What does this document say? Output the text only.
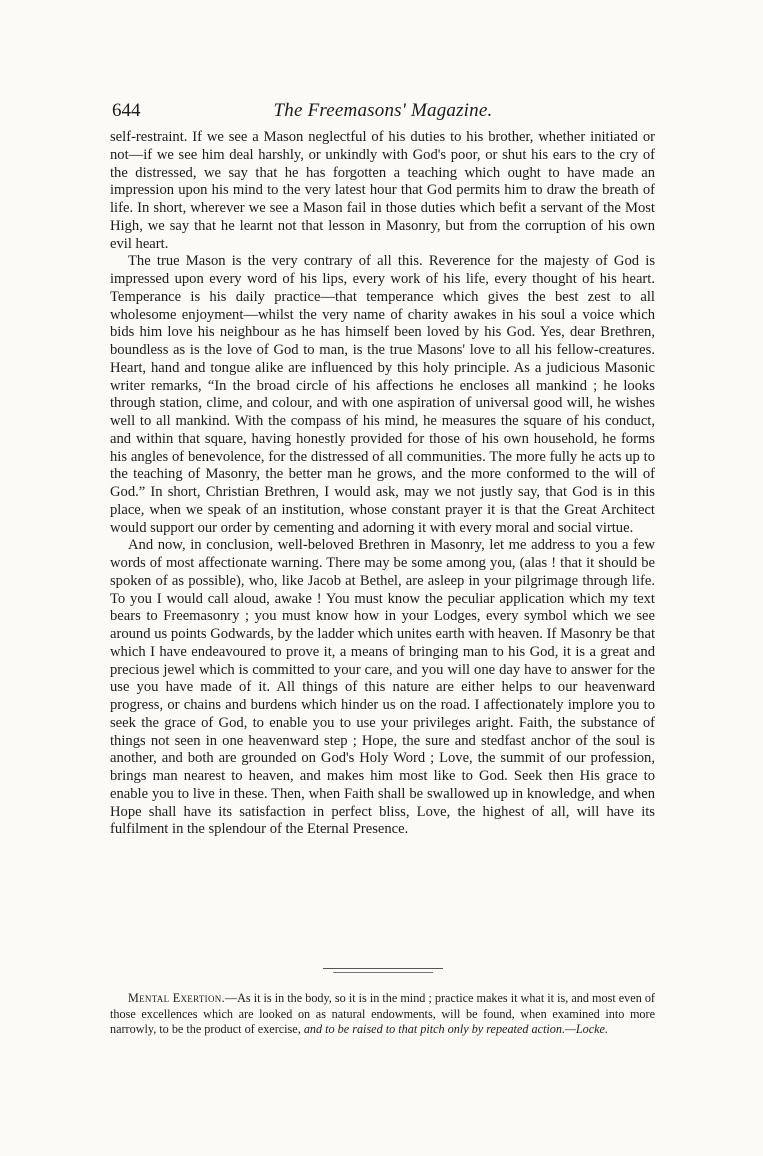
644	The Freemasons' Magazine.

self-restraint. If we see a Mason neglectful of his duties to his brother, whether initiated or not—if we see him deal harshly, or unkindly with God's poor, or shut his ears to the cry of the distressed, we say that he has forgotten a teaching which ought to have made an impression upon his mind to the very latest hour that God permits him to draw the breath of life. In short, wherever we see a Mason fail in those duties which befit a servant of the Most High, we say that he learnt not that lesson in Masonry, but from the corruption of his own evil heart.

The true Mason is the very contrary of all this. Reverence for the majesty of God is impressed upon every word of his lips, every work of his life, every thought of his heart. Temperance is his daily practice—that temperance which gives the best zest to all wholesome enjoyment—whilst the very name of charity awakes in his soul a voice which bids him love his neighbour as he has himself been loved by his God. Yes, dear Brethren, boundless as is the love of God to man, is the true Masons' love to all his fellow-creatures. Heart, hand and tongue alike are influenced by this holy principle. As a judicious Masonic writer remarks, “In the broad circle of his affections he encloses all mankind ; he looks through station, clime, and colour, and with one aspiration of universal good will, he wishes well to all mankind. With the compass of his mind, he measures the square of his conduct, and within that square, having honestly provided for those of his own household, he forms his angles of benevolence, for the distressed of all communities. The more fully he acts up to the teaching of Masonry, the better man he grows, and the more conformed to the will of God.” In short, Christian Brethren, I would ask, may we not justly say, that God is in this place, when we speak of an institution, whose constant prayer it is that the Great Architect would support our order by cementing and adorning it with every moral and social virtue.

And now, in conclusion, well-beloved Brethren in Masonry, let me address to you a few words of most affectionate warning. There may be some among you, (alas ! that it should be spoken of as possible), who, like Jacob at Bethel, are asleep in your pilgrimage through life. To you I would call aloud, awake ! You must know the peculiar application which my text bears to Freemasonry ; you must know how in your Lodges, every symbol which we see around us points Godwards, by the ladder which unites earth with heaven. If Masonry be that which I have endeavoured to prove it, a means of bringing man to his God, it is a great and precious jewel which is committed to your care, and you will one day have to answer for the use you have made of it. All things of this nature are either helps to our heavenward progress, or chains and burdens which hinder us on the road. I affectionately implore you to seek the grace of God, to enable you to use your privileges aright. Faith, the substance of things not seen in one heavenward step ; Hope, the sure and stedfast anchor of the soul is another, and both are grounded on God's Holy Word ; Love, the summit of our profession, brings man nearest to heaven, and makes him most like to God. Seek then His grace to enable you to live in these. Then, when Faith shall be swallowed up in knowledge, and when Hope shall have its satisfaction in perfect bliss, Love, the highest of all, will have its fulfilment in the splendour of the Eternal Presence.

Mental Exertion.—As it is in the body, so it is in the mind ; practice makes it what it is, and most even of those excellences which are looked on as natural endowments, will be found, when examined into more narrowly, to be the product of exercise, and to be raised to that pitch only by repeated action.—Locke.
